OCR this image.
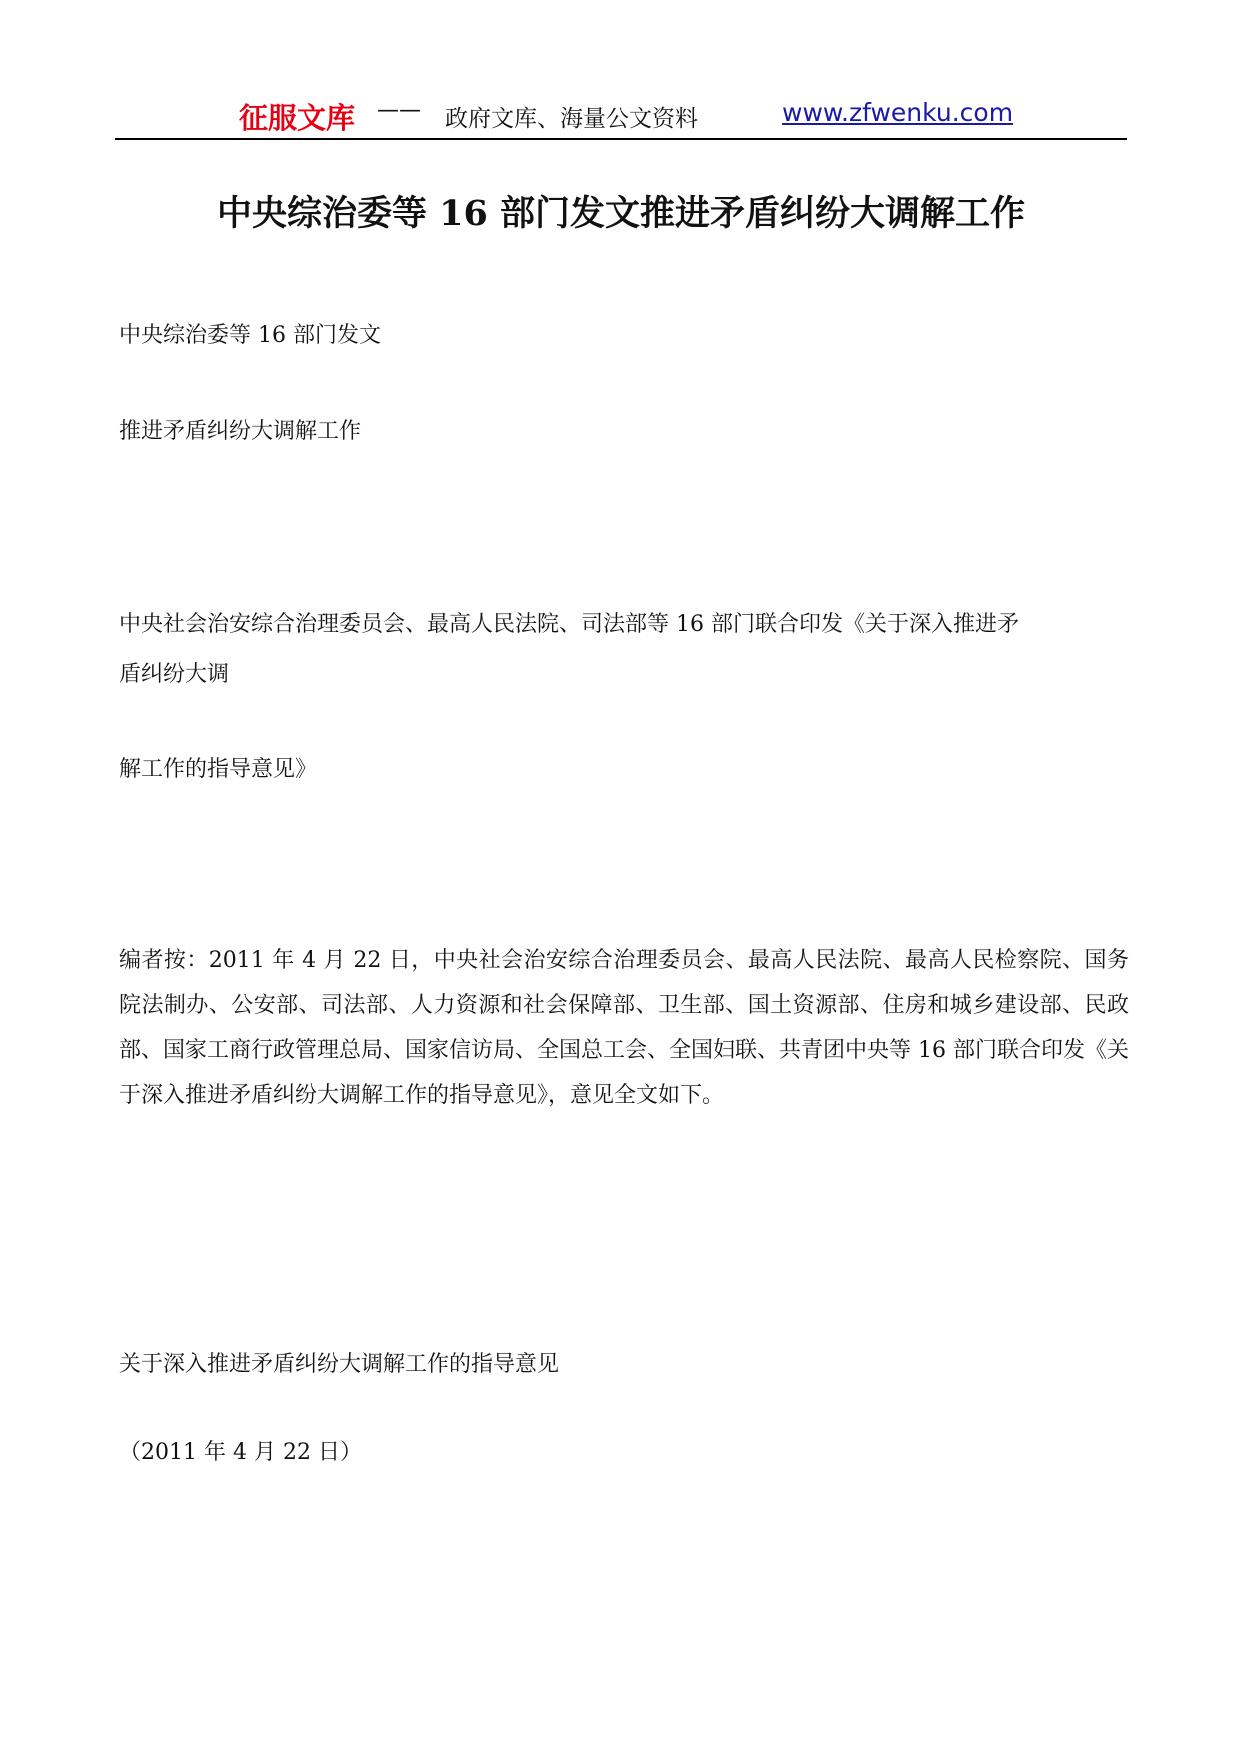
征服文库 —— 政府文库、海量公文资料	www.zfwenku.com
中央综治委等 16 部门发文推进矛盾纠纷大调解工作
中央综治委等 16 部门发文
推进矛盾纠纷大调解工作
中央社会治安综合治理委员会、最高人民法院、司法部等 16 部门联合印发《关于深入推进矛
盾纠纷大调
解工作的指导意见》
编者按：2011 年 4 月 22 日，中央社会治安综合治理委员会、最高人民法院、最高人民检察院、国务院法制办、公安部、司法部、人力资源和社会保障部、卫生部、国土资源部、住房和城乡建设部、民政部、国家工商行政管理总局、国家信访局、全国总工会、全国妇联、共青团中央等 16 部门联合印发《关于深入推进矛盾纠纷大调解工作的指导意见》，意见全文如下。
关于深入推进矛盾纠纷大调解工作的指导意见
（2011 年 4 月 22 日）
